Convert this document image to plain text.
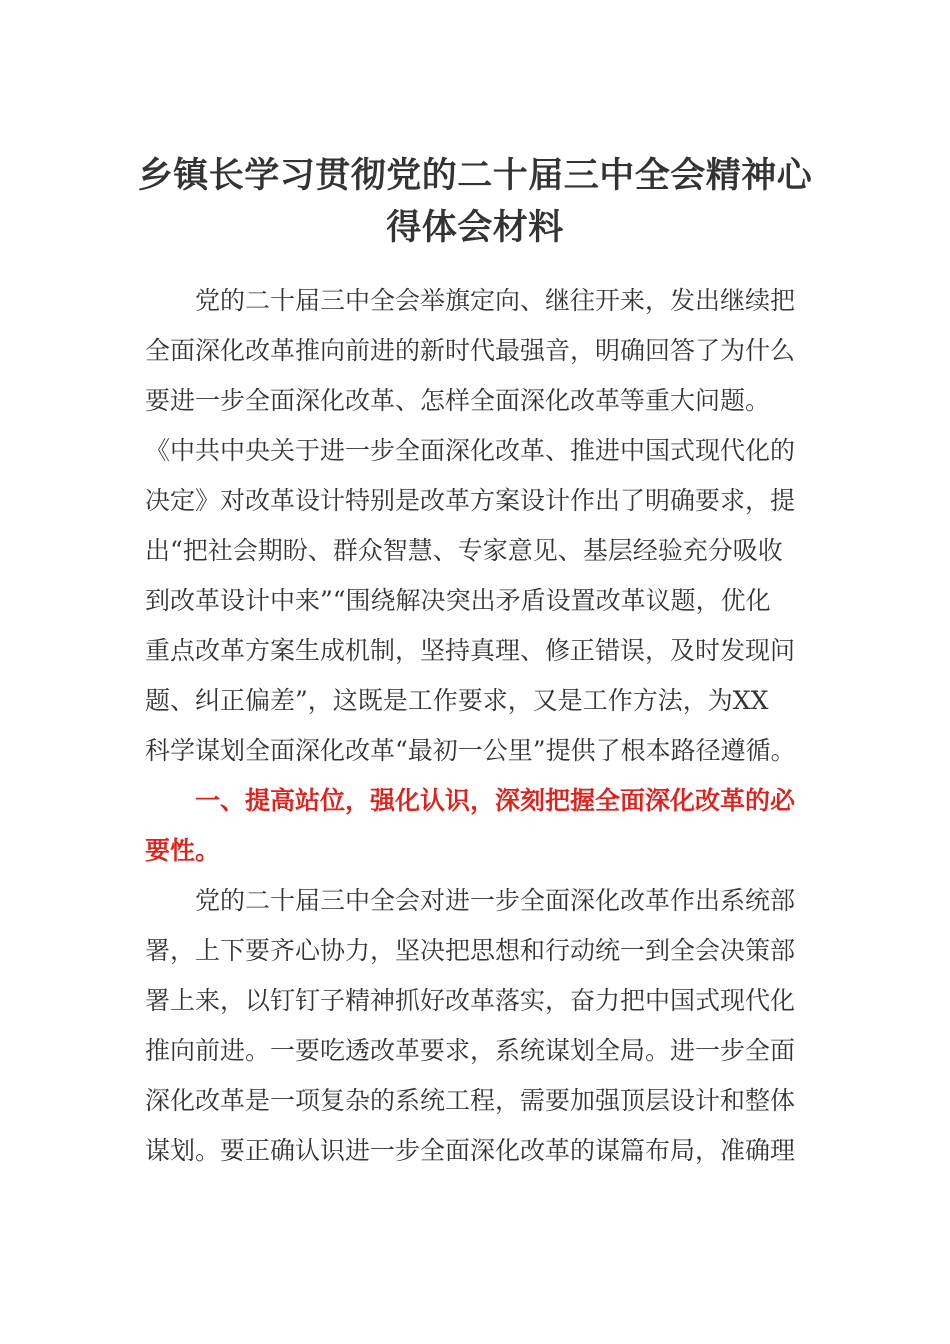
乡镇长学习贯彻党的二十届三中全会精神心
得体会材料
党的二十届三中全会举旗定向、继往开来，发出继续把
全面深化改革推向前进的新时代最强音，明确回答了为什么
要进一步全面深化改革、怎样全面深化改革等重大问题。
《中共中央关于进一步全面深化改革、推进中国式现代化的
决定》对改革设计特别是改革方案设计作出了明确要求，提
出“把社会期盼、群众智慧、专家意见、基层经验充分吸收
到改革设计中来”“围绕解决突出矛盾设置改革议题，优化
重点改革方案生成机制，坚持真理、修正错误，及时发现问
题、纠正偏差”，这既是工作要求，又是工作方法，为XX
科学谋划全面深化改革“最初一公里”提供了根本路径遵循。
一、提高站位，强化认识，深刻把握全面深化改革的必
要性。
党的二十届三中全会对进一步全面深化改革作出系统部
署，上下要齐心协力，坚决把思想和行动统一到全会决策部
署上来，以钉钉子精神抓好改革落实，奋力把中国式现代化
推向前进。一要吃透改革要求，系统谋划全局。进一步全面
深化改革是一项复杂的系统工程，需要加强顶层设计和整体
谋划。要正确认识进一步全面深化改革的谋篇布局，准确理
